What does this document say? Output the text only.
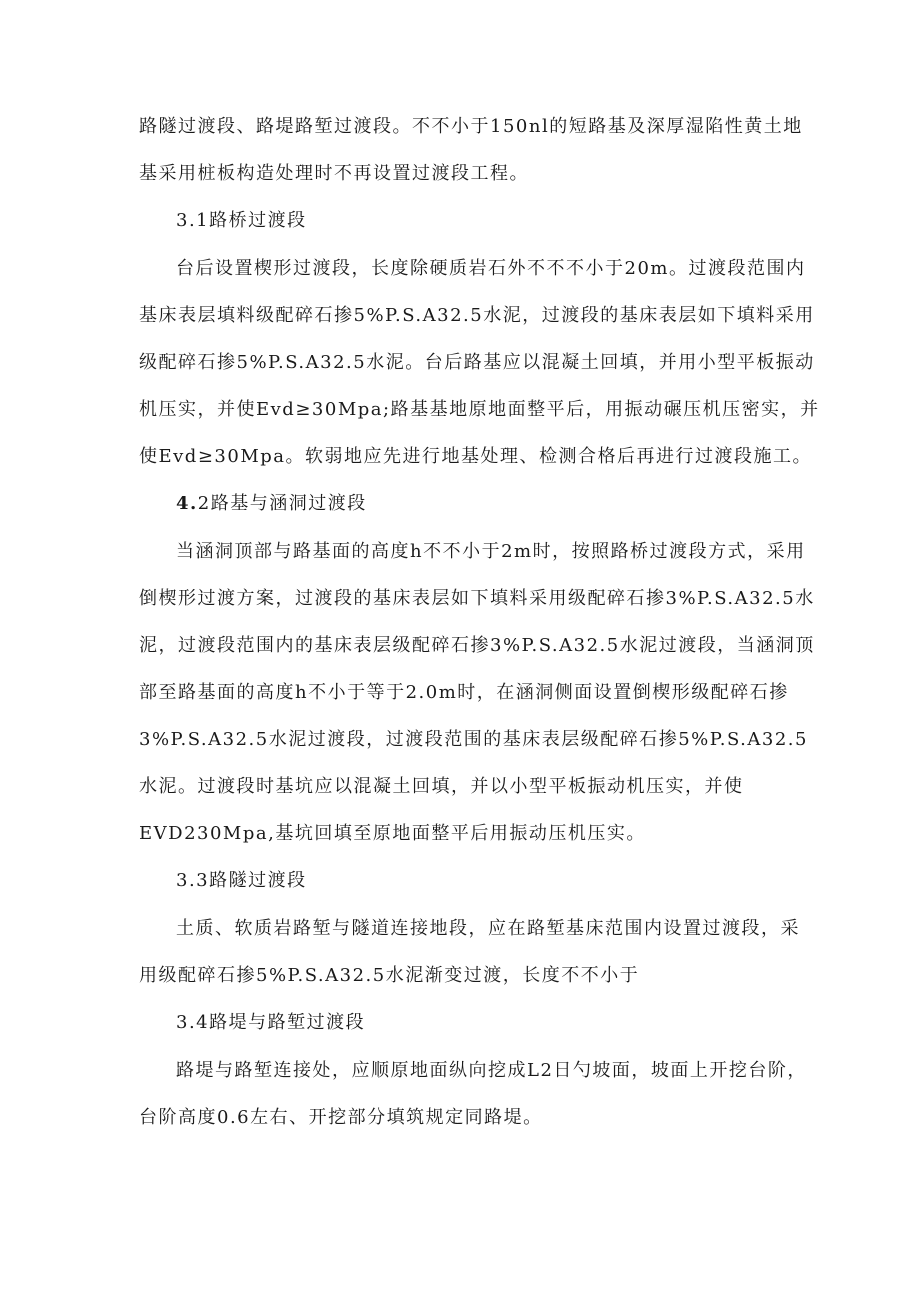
路隧过渡段、路堤路堑过渡段。不不小于150nl的短路基及深厚湿陷性黄土地
基采用桩板构造处理时不再设置过渡段工程。
3.1路桥过渡段
台后设置楔形过渡段，长度除硬质岩石外不不不小于20m。过渡段范围内
基床表层填料级配碎石掺5%P.S.A32.5水泥，过渡段的基床表层如下填料采用
级配碎石掺5%P.S.A32.5水泥。台后路基应以混凝土回填，并用小型平板振动
机压实，并使Evd≥30Mpa;路基基地原地面整平后，用振动碾压机压密实，并
使Evd≥30Mpa。软弱地应先进行地基处理、检测合格后再进行过渡段施工。
4.2路基与涵洞过渡段
当涵洞顶部与路基面的高度h不不小于2m时，按照路桥过渡段方式，采用
倒楔形过渡方案，过渡段的基床表层如下填料采用级配碎石掺3%P.S.A32.5水
泥，过渡段范围内的基床表层级配碎石掺3%P.S.A32.5水泥过渡段，当涵洞顶
部至路基面的高度h不小于等于2.0m时，在涵洞侧面设置倒楔形级配碎石掺
3%P.S.A32.5水泥过渡段，过渡段范围的基床表层级配碎石掺5%P.S.A32.5
水泥。过渡段时基坑应以混凝土回填，并以小型平板振动机压实，并使
EVD230Mpa,基坑回填至原地面整平后用振动压机压实。
3.3路隧过渡段
土质、软质岩路堑与隧道连接地段，应在路堑基床范围内设置过渡段，采
用级配碎石掺5%P.S.A32.5水泥渐变过渡，长度不不小于
3.4路堤与路堑过渡段
路堤与路堑连接处，应顺原地面纵向挖成L2日勺坡面，坡面上开挖台阶，
台阶高度0.6左右、开挖部分填筑规定同路堤。
